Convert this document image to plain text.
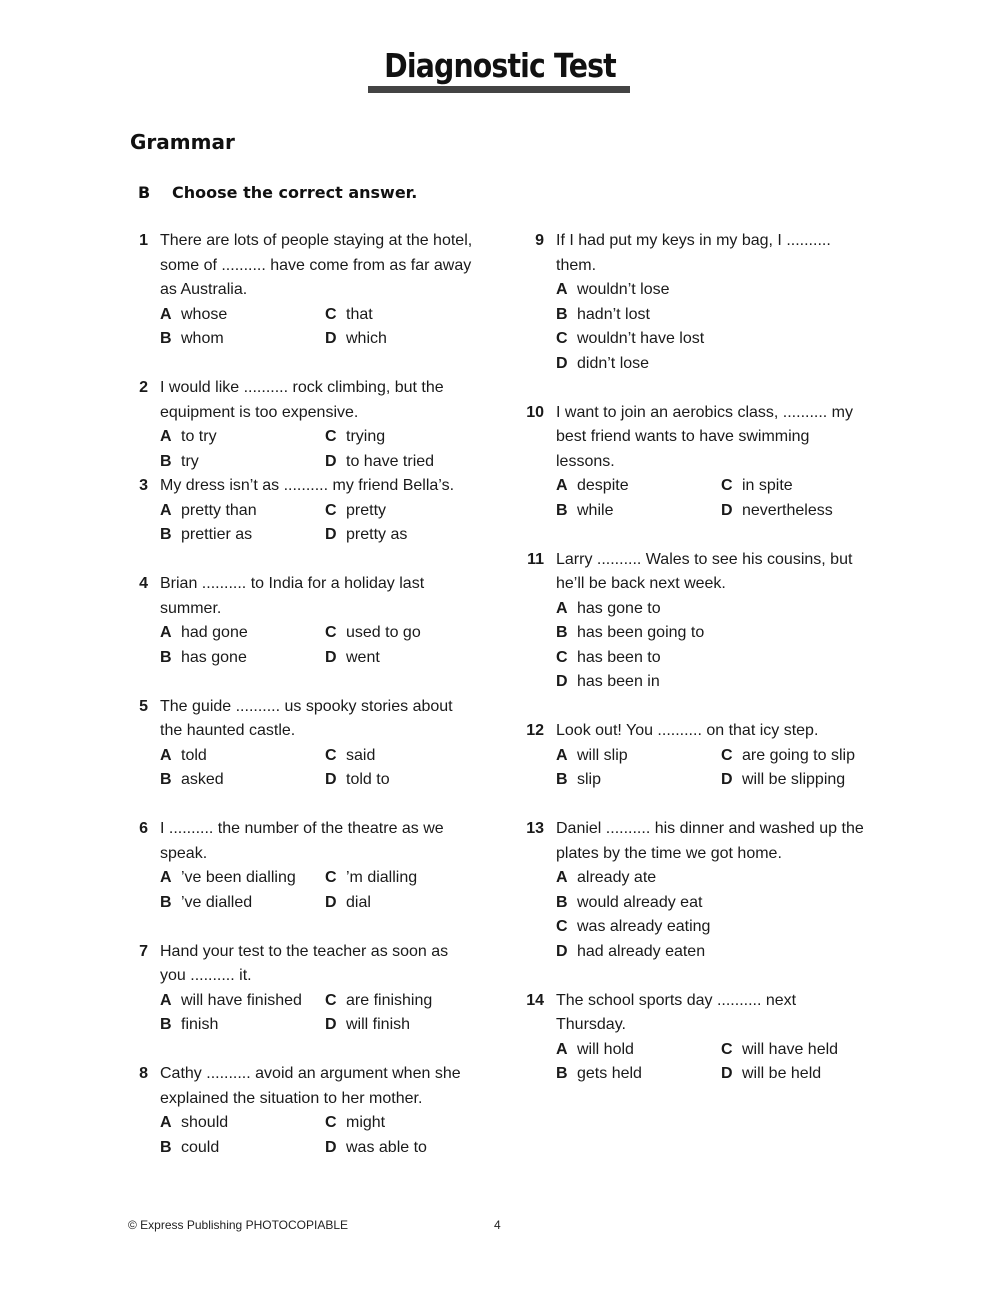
Diagnostic Test
Grammar
B Choose the correct answer.
1 There are lots of people staying at the hotel, some of .......... have come from as far away as Australia.
A whose	C that
B whom	D which
2 I would like .......... rock climbing, but the equipment is too expensive.
A to try	C trying
B try	D to have tried
3 My dress isn’t as .......... my friend Bella’s.
A pretty than	C pretty
B prettier as	D pretty as
4 Brian .......... to India for a holiday last summer.
A had gone	C used to go
B has gone	D went
5 The guide .......... us spooky stories about the haunted castle.
A told	C said
B asked	D told to
6 I .......... the number of the theatre as we speak.
A ’ve been dialling	C ’m dialling
B ’ve dialled	D dial
7 Hand your test to the teacher as soon as you .......... it.
A will have finished	C are finishing
B finish	D will finish
8 Cathy .......... avoid an argument when she explained the situation to her mother.
A should	C might
B could	D was able to
9 If I had put my keys in my bag, I .......... them.
A wouldn’t lose
B hadn’t lost
C wouldn’t have lost
D didn’t lose
10 I want to join an aerobics class, .......... my best friend wants to have swimming lessons.
A despite	C in spite
B while	D nevertheless
11 Larry .......... Wales to see his cousins, but he’ll be back next week.
A has gone to
B has been going to
C has been to
D has been in
12 Look out! You .......... on that icy step.
A will slip	C are going to slip
B slip	D will be slipping
13 Daniel .......... his dinner and washed up the plates by the time we got home.
A already ate
B would already eat
C was already eating
D had already eaten
14 The school sports day .......... next Thursday.
A will hold	C will have held
B gets held	D will be held
© Express Publishing PHOTOCOPIABLE	4
